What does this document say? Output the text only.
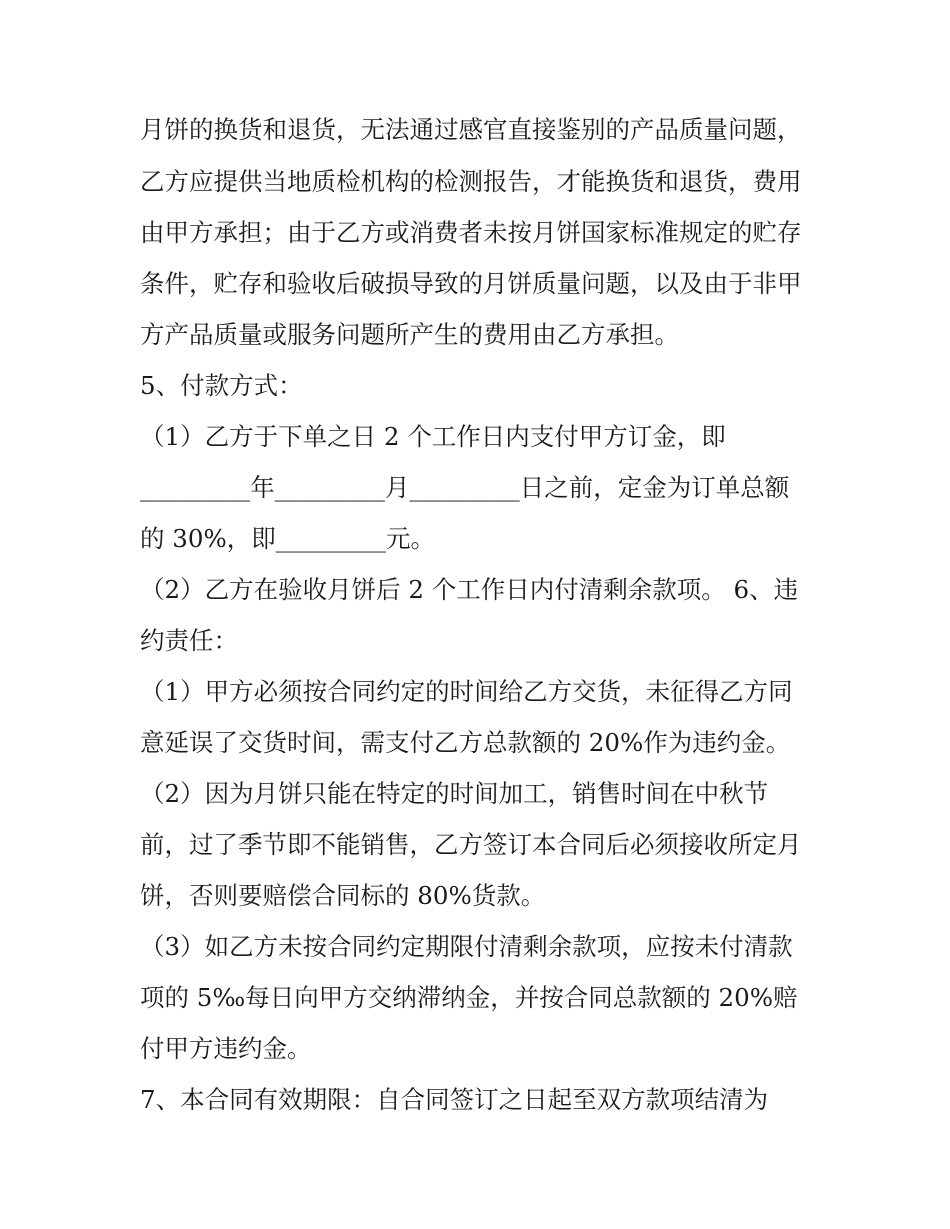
月饼的换货和退货，无法通过感官直接鉴别的产品质量问题，
乙方应提供当地质检机构的检测报告，才能换货和退货，费用
由甲方承担；由于乙方或消费者未按月饼国家标准规定的贮存
条件，贮存和验收后破损导致的月饼质量问题，以及由于非甲
方产品质量或服务问题所产生的费用由乙方承担。
5、付款方式：
（1）乙方于下单之日 2 个工作日内支付甲方订金，即
_________年_________月_________日之前，定金为订单总额
的 30%，即_________元。
（2）乙方在验收月饼后 2 个工作日内付清剩余款项。 6、违
约责任：
（1）甲方必须按合同约定的时间给乙方交货，未征得乙方同
意延误了交货时间，需支付乙方总款额的 20%作为违约金。
（2）因为月饼只能在特定的时间加工，销售时间在中秋节
前，过了季节即不能销售，乙方签订本合同后必须接收所定月
饼，否则要赔偿合同标的 80%货款。
（3）如乙方未按合同约定期限付清剩余款项，应按未付清款
项的 5‰每日向甲方交纳滞纳金，并按合同总款额的 20%赔
付甲方违约金。
7、本合同有效期限：自合同签订之日起至双方款项结清为
